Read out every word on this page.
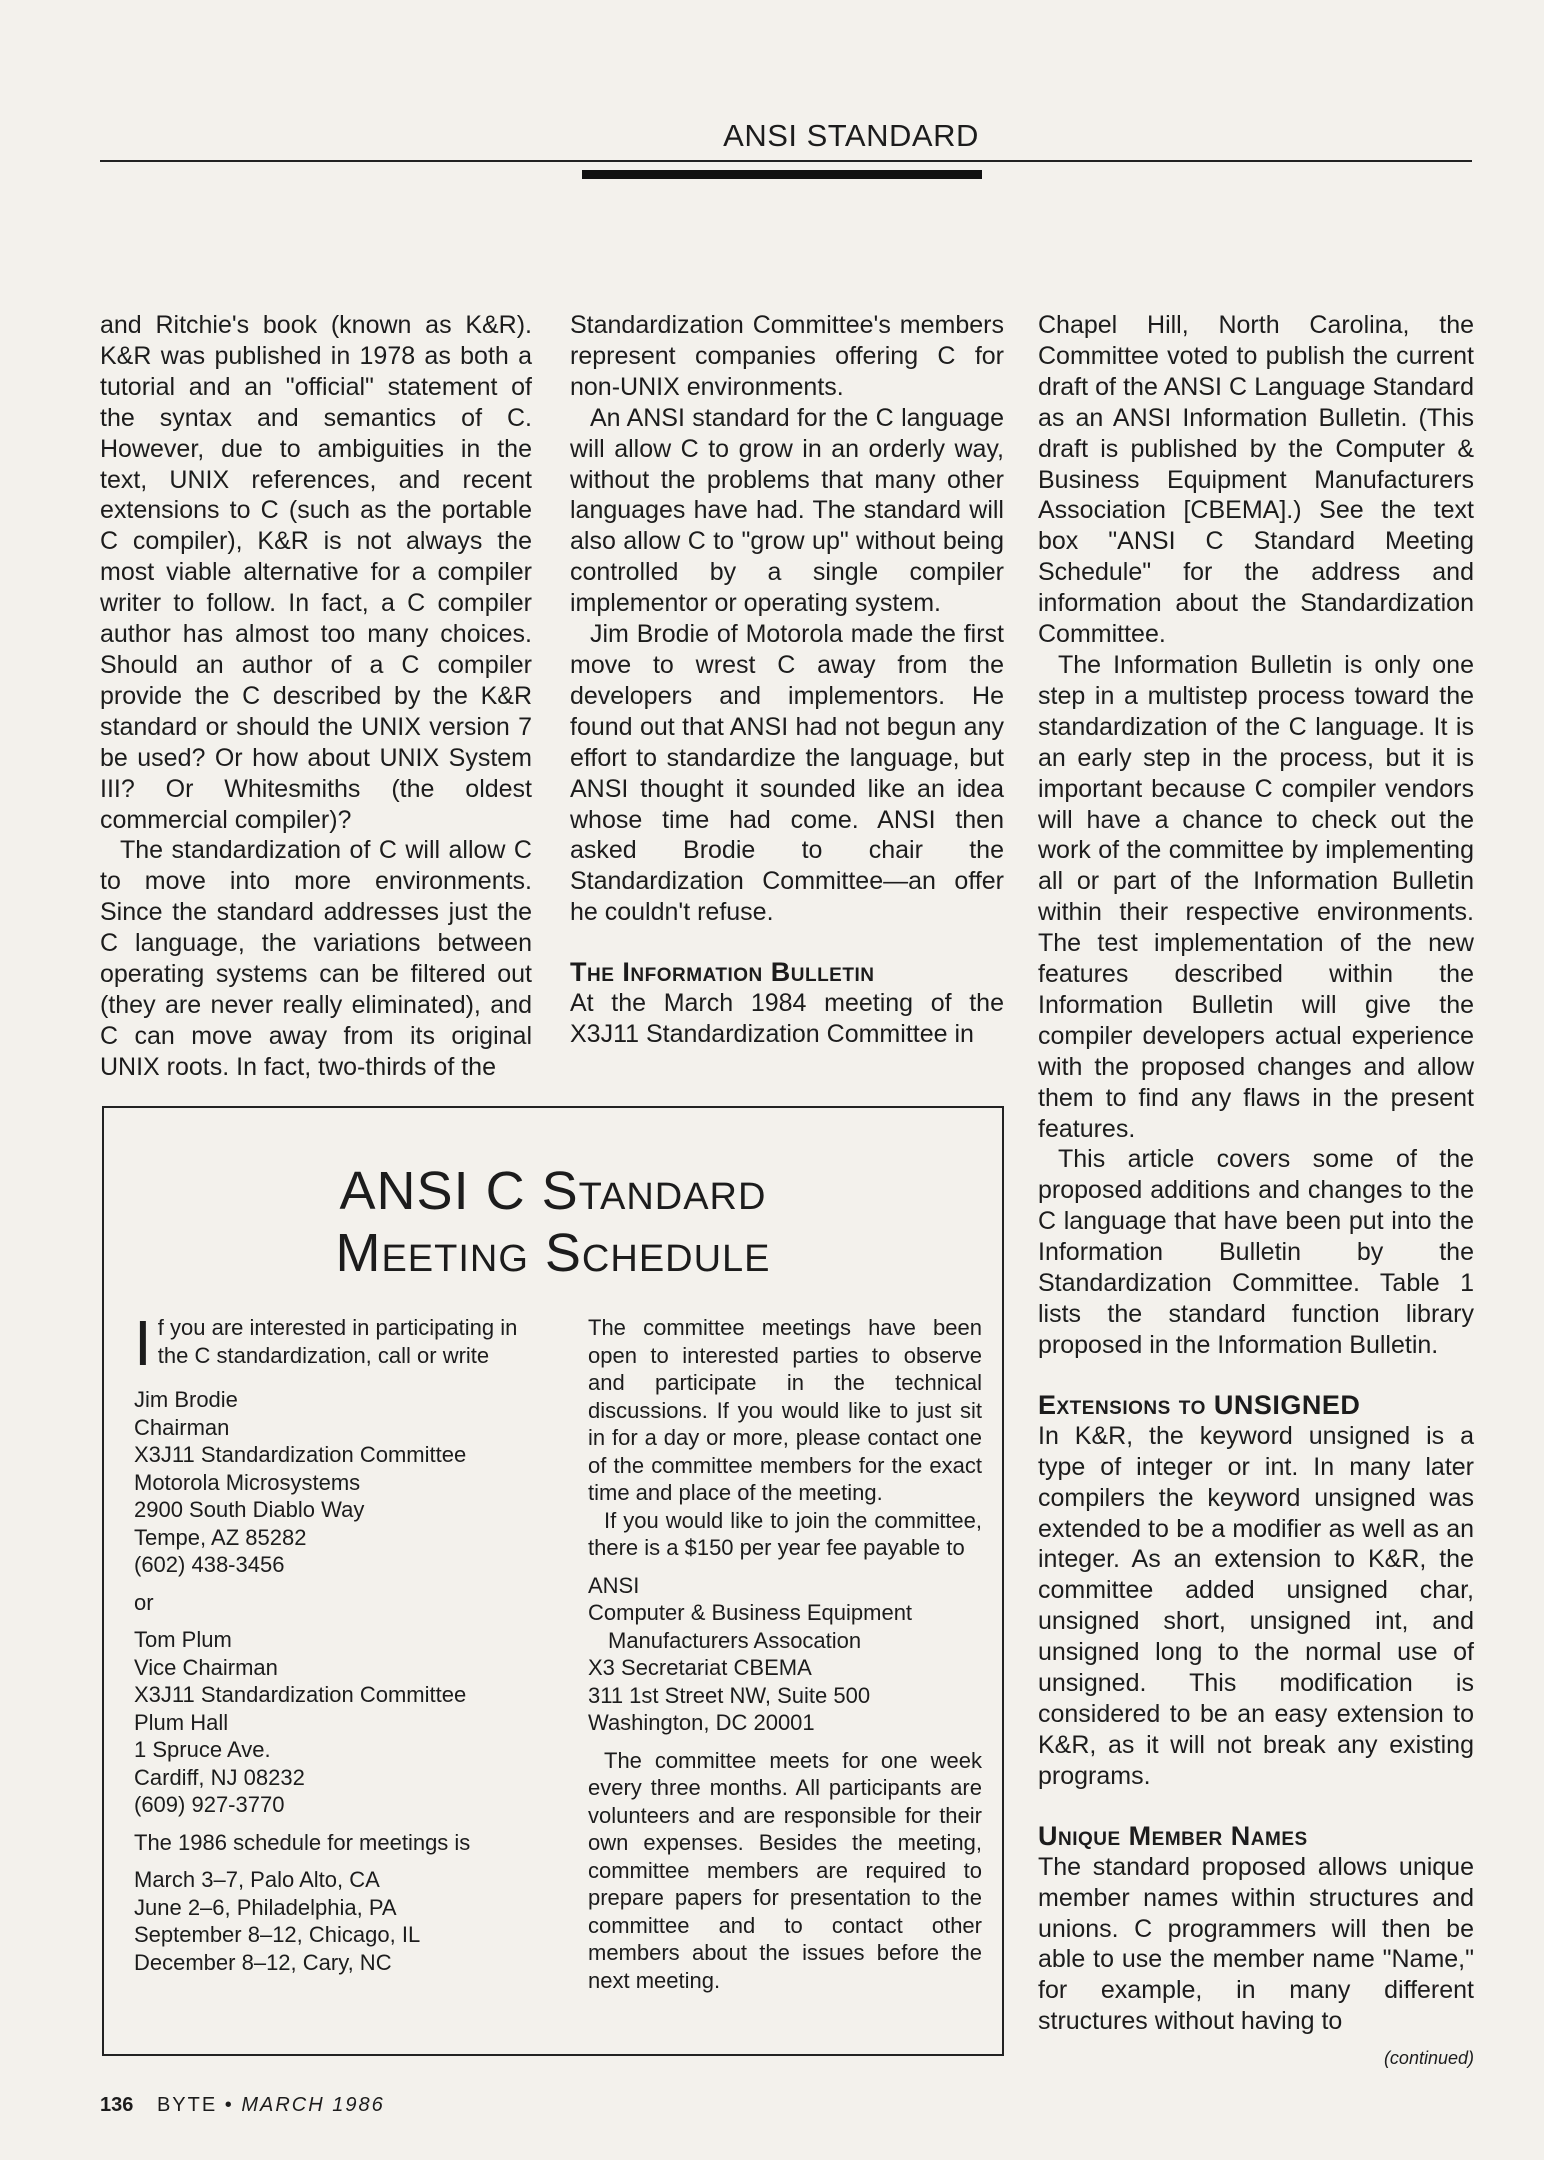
ANSI STANDARD

and Ritchie's book (known as K&R). K&R was published in 1978 as both a tutorial and an "official" statement of the syntax and semantics of C. However, due to ambiguities in the text, UNIX references, and recent extensions to C (such as the portable C compiler), K&R is not always the most viable alternative for a compiler writer to follow. In fact, a C compiler author has almost too many choices. Should an author of a C compiler provide the C described by the K&R standard or should the UNIX version 7 be used? Or how about UNIX System III? Or Whitesmiths (the oldest commercial compiler)?

The standardization of C will allow C to move into more environments. Since the standard addresses just the C language, the variations between operating systems can be filtered out (they are never really eliminated), and C can move away from its original UNIX roots. In fact, two-thirds of the

Standardization Committee's members represent companies offering C for non-UNIX environments.

An ANSI standard for the C language will allow C to grow in an orderly way, without the problems that many other languages have had. The standard will also allow C to "grow up" without being controlled by a single compiler implementor or operating system.

Jim Brodie of Motorola made the first move to wrest C away from the developers and implementors. He found out that ANSI had not begun any effort to standardize the language, but ANSI thought it sounded like an idea whose time had come. ANSI then asked Brodie to chair the Standardization Committee—an offer he couldn't refuse.

The Information Bulletin

At the March 1984 meeting of the X3J11 Standardization Committee in

Chapel Hill, North Carolina, the Committee voted to publish the current draft of the ANSI C Language Standard as an ANSI Information Bulletin. (This draft is published by the Computer & Business Equipment Manufacturers Association [CBEMA].) See the text box "ANSI C Standard Meeting Schedule" for the address and information about the Standardization Committee.

The Information Bulletin is only one step in a multistep process toward the standardization of the C language. It is an early step in the process, but it is important because C compiler vendors will have a chance to check out the work of the committee by implementing all or part of the Information Bulletin within their respective environments. The test implementation of the new features described within the Information Bulletin will give the compiler developers actual experience with the proposed changes and allow them to find any flaws in the present features.

This article covers some of the proposed additions and changes to the C language that have been put into the Information Bulletin by the Standardization Committee. Table 1 lists the standard function library proposed in the Information Bulletin.

Extensions to UNSIGNED

In K&R, the keyword unsigned is a type of integer or int. In many later compilers the keyword unsigned was extended to be a modifier as well as an integer. As an extension to K&R, the committee added unsigned char, unsigned short, unsigned int, and unsigned long to the normal use of unsigned. This modification is considered to be an easy extension to K&R, as it will not break any existing programs.

Unique Member Names

The standard proposed allows unique member names within structures and unions. C programmers will then be able to use the member name "Name," for example, in many different structures without having to

(continued)
ANSI C Standard
Meeting Schedule

I f you are interested in participating in the C standardization, call or write

Jim Brodie

Chairman

X3J11 Standardization Committee

Motorola Microsystems

2900 South Diablo Way

Tempe, AZ 85282

(602) 438-3456

or

Tom Plum

Vice Chairman

X3J11 Standardization Committee

Plum Hall

1 Spruce Ave.

Cardiff, NJ 08232

(609) 927-3770

The 1986 schedule for meetings is

March 3–7, Palo Alto, CA

June 2–6, Philadelphia, PA

September 8–12, Chicago, IL

December 8–12, Cary, NC

The committee meetings have been open to interested parties to observe and participate in the technical discussions. If you would like to just sit in for a day or more, please contact one of the committee members for the exact time and place of the meeting.

If you would like to join the committee, there is a $150 per year fee payable to

ANSI

Computer & Business Equipment

Manufacturers Assocation

X3 Secretariat CBEMA

311 1st Street NW, Suite 500

Washington, DC 20001

The committee meets for one week every three months. All participants are volunteers and are responsible for their own expenses. Besides the meeting, committee members are required to prepare papers for presentation to the committee and to contact other members about the issues before the next meeting.

136 BYTE • MARCH 1986
